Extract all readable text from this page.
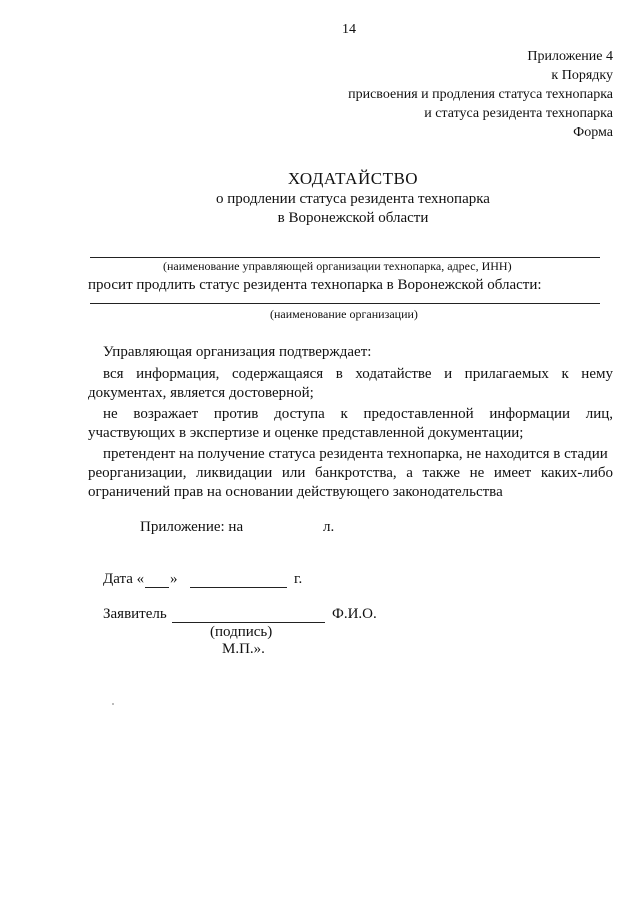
14
Приложение 4
к Порядку
присвоения и продления статуса технопарка
и статуса резидента технопарка
Форма
ХОДАТАЙСТВО
о продлении статуса резидента технопарка
в Воронежской области
(наименование управляющей организации технопарка, адрес, ИНН)
просит продлить статус резидента технопарка в Воронежской области:
(наименование организации)
Управляющая организация подтверждает:
вся информация, содержащаяся в ходатайстве и прилагаемых к нему
документах, является достоверной;
не возражает против доступа к предоставленной информации лиц,
участвующих в экспертизе и оценке представленной документации;
претендент на получение статуса резидента технопарка, не находится в стадии
реорганизации, ликвидации или банкротства, а также не имеет каких-либо
ограничений прав на основании действующего законодательства
Приложение: на	л.
Дата « »	г.
Заявитель	Ф.И.О.
(подпись)
М.П.».
